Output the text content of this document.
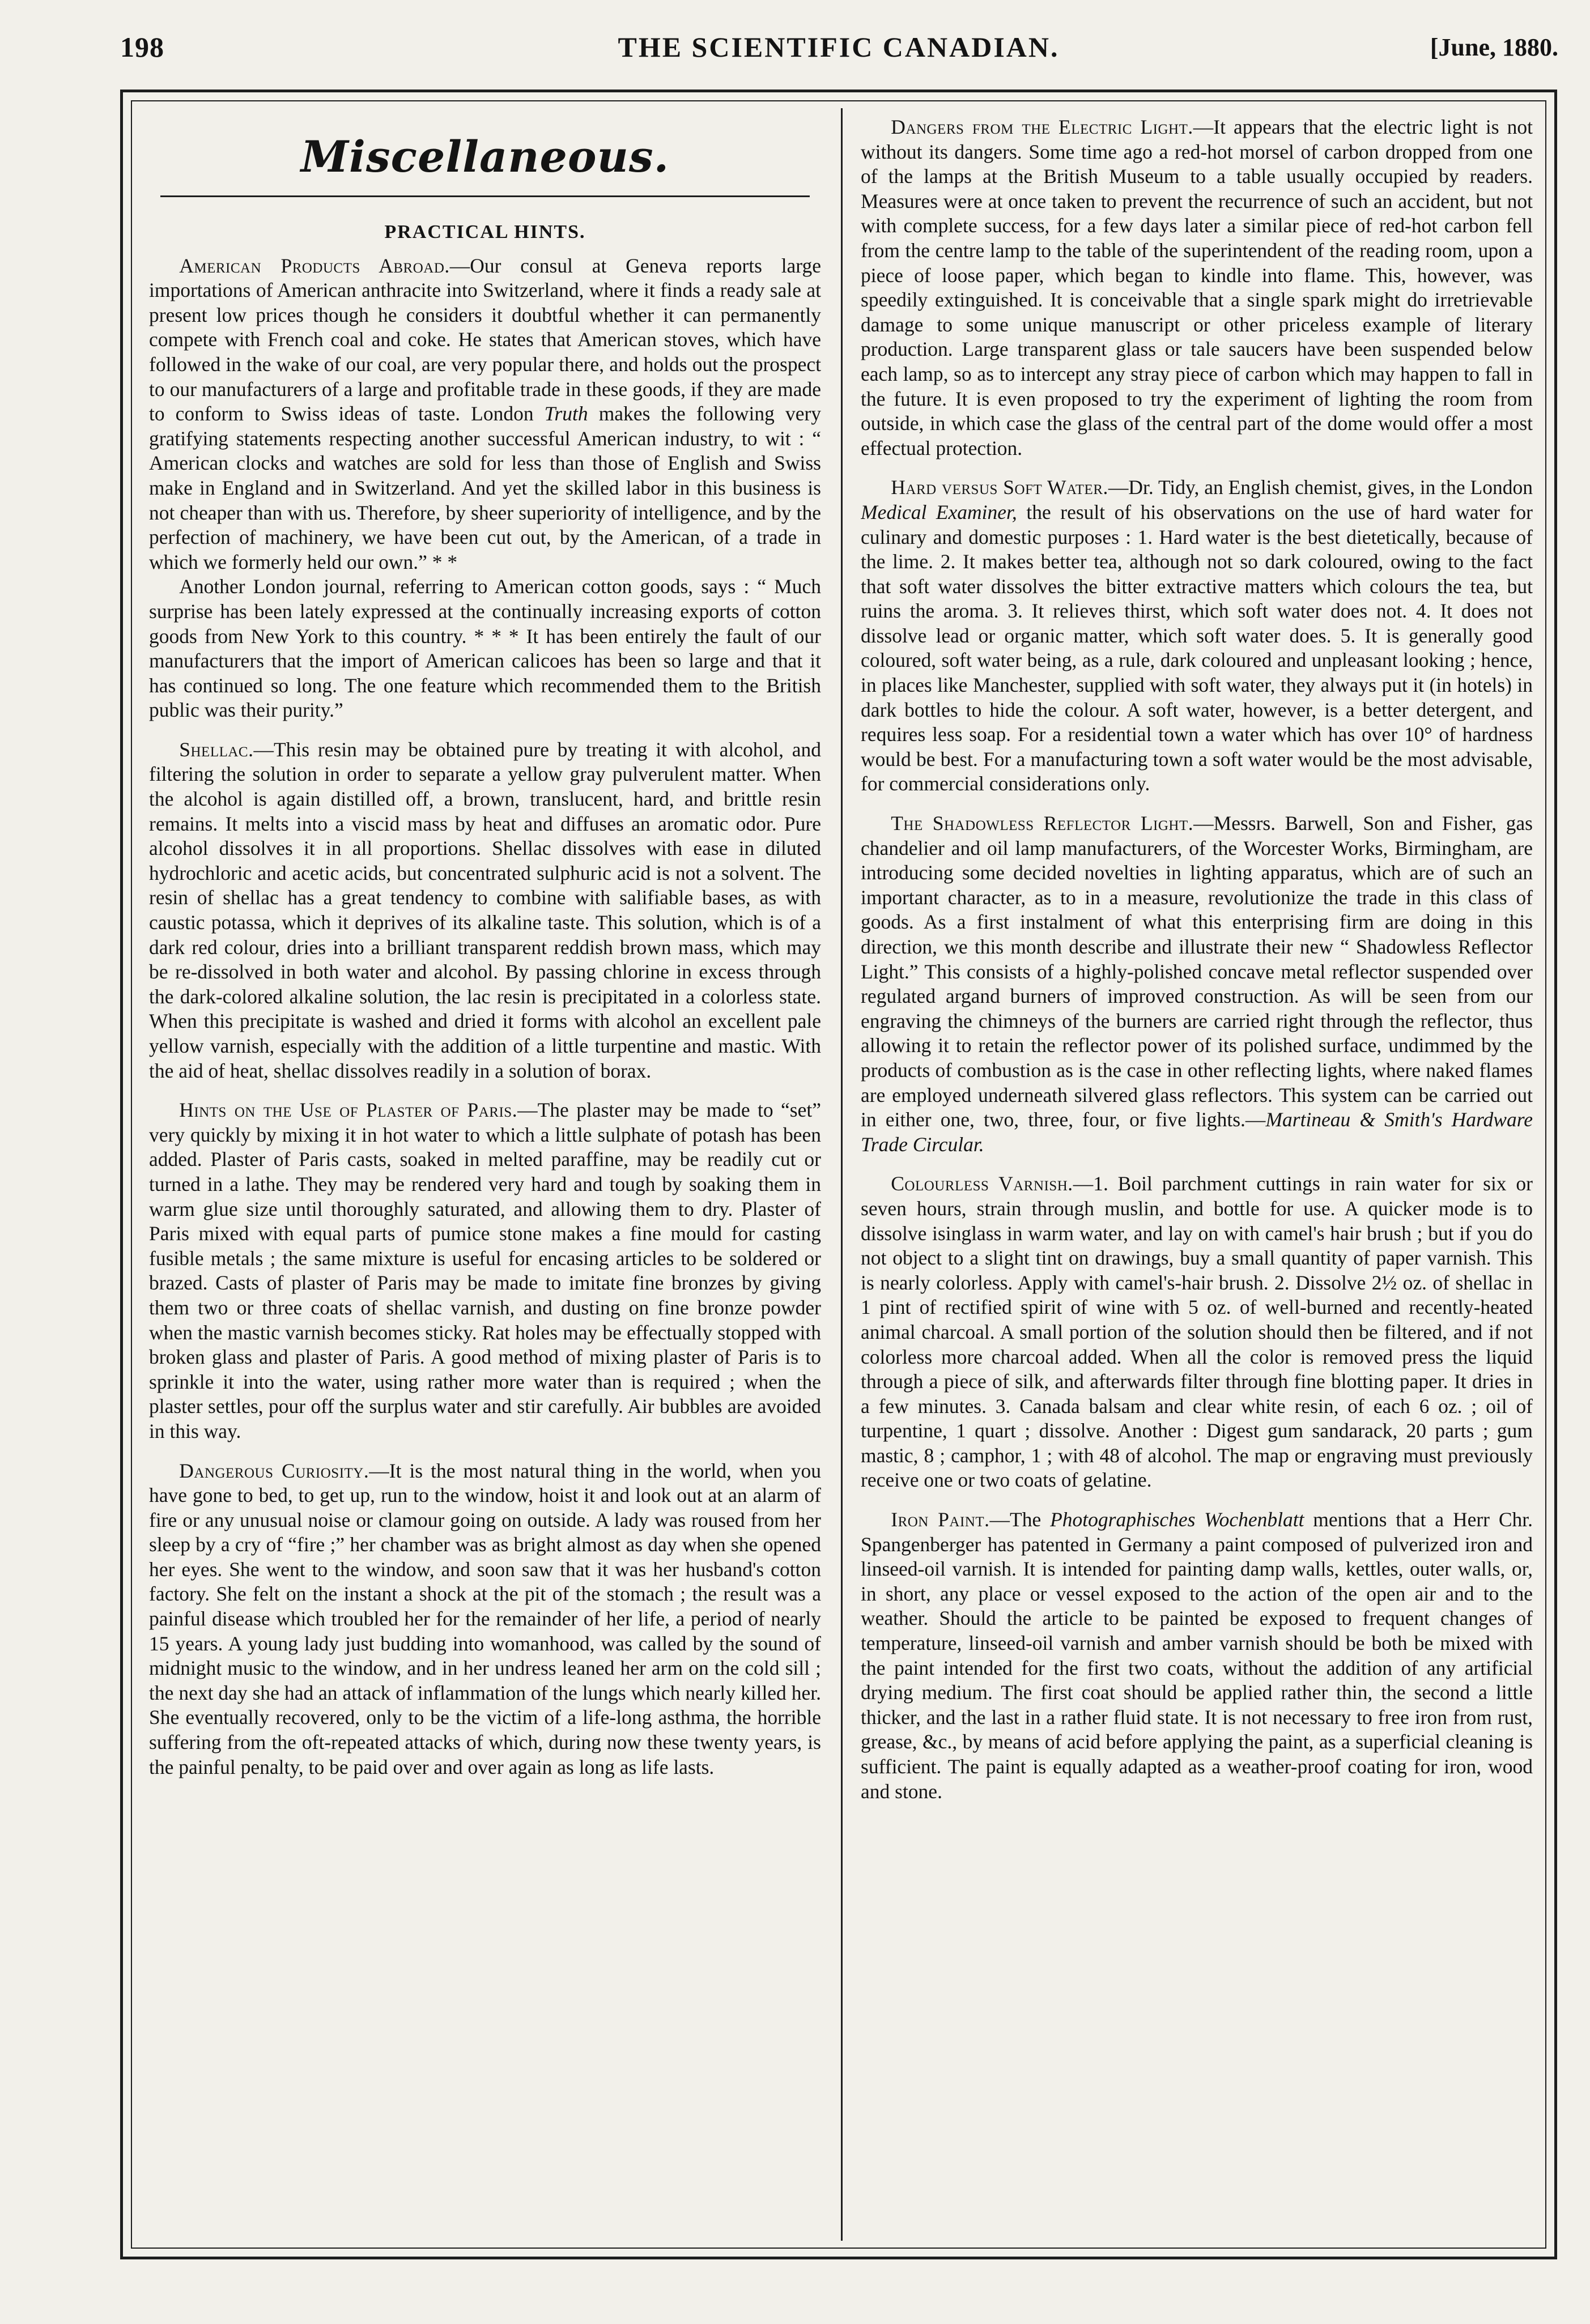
198	THE SCIENTIFIC CANADIAN.	[June, 1880.
Miscellaneous.
PRACTICAL HINTS.

American Products Abroad.—Our consul at Geneva reports large importations of American anthracite into Switzerland, where it finds a ready sale at present low prices though he considers it doubtful whether it can permanently compete with French coal and coke. He states that American stoves, which have followed in the wake of our coal, are very popular there, and holds out the prospect to our manufacturers of a large and profitable trade in these goods, if they are made to conform to Swiss ideas of taste. London Truth makes the following very gratifying statements respecting another successful American industry, to wit : “ American clocks and watches are sold for less than those of English and Swiss make in England and in Switzerland. And yet the skilled labor in this business is not cheaper than with us. Therefore, by sheer superiority of intelligence, and by the perfection of machinery, we have been cut out, by the American, of a trade in which we formerly held our own.” * *

Another London journal, referring to American cotton goods, says : “ Much surprise has been lately expressed at the continually increasing exports of cotton goods from New York to this country. * * * It has been entirely the fault of our manufacturers that the import of American calicoes has been so large and that it has continued so long. The one feature which recommended them to the British public was their purity.”

Shellac.—This resin may be obtained pure by treating it with alcohol, and filtering the solution in order to separate a yellow gray pulverulent matter. When the alcohol is again distilled off, a brown, translucent, hard, and brittle resin remains. It melts into a viscid mass by heat and diffuses an aromatic odor. Pure alcohol dissolves it in all proportions. Shellac dissolves with ease in diluted hydrochloric and acetic acids, but concentrated sulphuric acid is not a solvent. The resin of shellac has a great tendency to combine with salifiable bases, as with caustic potassa, which it deprives of its alkaline taste. This solution, which is of a dark red colour, dries into a brilliant transparent reddish brown mass, which may be re-dissolved in both water and alcohol. By passing chlorine in excess through the dark-colored alkaline solution, the lac resin is precipitated in a colorless state. When this precipitate is washed and dried it forms with alcohol an excellent pale yellow varnish, especially with the addition of a little turpentine and mastic. With the aid of heat, shellac dissolves readily in a solution of borax.

Hints on the Use of Plaster of Paris.—The plaster may be made to “set” very quickly by mixing it in hot water to which a little sulphate of potash has been added. Plaster of Paris casts, soaked in melted paraffine, may be readily cut or turned in a lathe. They may be rendered very hard and tough by soaking them in warm glue size until thoroughly saturated, and allowing them to dry. Plaster of Paris mixed with equal parts of pumice stone makes a fine mould for casting fusible metals ; the same mixture is useful for encasing articles to be soldered or brazed. Casts of plaster of Paris may be made to imitate fine bronzes by giving them two or three coats of shellac varnish, and dusting on fine bronze powder when the mastic varnish becomes sticky. Rat holes may be effectually stopped with broken glass and plaster of Paris. A good method of mixing plaster of Paris is to sprinkle it into the water, using rather more water than is required ; when the plaster settles, pour off the surplus water and stir carefully. Air bubbles are avoided in this way.

Dangerous Curiosity.—It is the most natural thing in the world, when you have gone to bed, to get up, run to the window, hoist it and look out at an alarm of fire or any unusual noise or clamour going on outside. A lady was roused from her sleep by a cry of “fire ;” her chamber was as bright almost as day when she opened her eyes. She went to the window, and soon saw that it was her husband's cotton factory. She felt on the instant a shock at the pit of the stomach ; the result was a painful disease which troubled her for the remainder of her life, a period of nearly 15 years. A young lady just budding into womanhood, was called by the sound of midnight music to the window, and in her undress leaned her arm on the cold sill ; the next day she had an attack of inflammation of the lungs which nearly killed her. She eventually recovered, only to be the victim of a life-long asthma, the horrible suffering from the oft-repeated attacks of which, during now these twenty years, is the painful penalty, to be paid over and over again as long as life lasts.

Dangers from the Electric Light.—It appears that the electric light is not without its dangers. Some time ago a red-hot morsel of carbon dropped from one of the lamps at the British Museum to a table usually occupied by readers. Measures were at once taken to prevent the recurrence of such an accident, but not with complete success, for a few days later a similar piece of red-hot carbon fell from the centre lamp to the table of the superintendent of the reading room, upon a piece of loose paper, which began to kindle into flame. This, however, was speedily extinguished. It is conceivable that a single spark might do irretrievable damage to some unique manuscript or other priceless example of literary production. Large transparent glass or tale saucers have been suspended below each lamp, so as to intercept any stray piece of carbon which may happen to fall in the future. It is even proposed to try the experiment of lighting the room from outside, in which case the glass of the central part of the dome would offer a most effectual protection.

Hard versus Soft Water.—Dr. Tidy, an English chemist, gives, in the London Medical Examiner, the result of his observations on the use of hard water for culinary and domestic purposes : 1. Hard water is the best dietetically, because of the lime. 2. It makes better tea, although not so dark coloured, owing to the fact that soft water dissolves the bitter extractive matters which colours the tea, but ruins the aroma. 3. It relieves thirst, which soft water does not. 4. It does not dissolve lead or organic matter, which soft water does. 5. It is generally good coloured, soft water being, as a rule, dark coloured and unpleasant looking ; hence, in places like Manchester, supplied with soft water, they always put it (in hotels) in dark bottles to hide the colour. A soft water, however, is a better detergent, and requires less soap. For a residential town a water which has over 10° of hardness would be best. For a manufacturing town a soft water would be the most advisable, for commercial considerations only.

The Shadowless Reflector Light.—Messrs. Barwell, Son and Fisher, gas chandelier and oil lamp manufacturers, of the Worcester Works, Birmingham, are introducing some decided novelties in lighting apparatus, which are of such an important character, as to in a measure, revolutionize the trade in this class of goods. As a first instalment of what this enterprising firm are doing in this direction, we this month describe and illustrate their new “ Shadowless Reflector Light.” This consists of a highly-polished concave metal reflector suspended over regulated argand burners of improved construction. As will be seen from our engraving the chimneys of the burners are carried right through the reflector, thus allowing it to retain the reflector power of its polished surface, undimmed by the products of combustion as is the case in other reflecting lights, where naked flames are employed underneath silvered glass reflectors. This system can be carried out in either one, two, three, four, or five lights.—Martineau & Smith's Hardware Trade Circular.

Colourless Varnish.—1. Boil parchment cuttings in rain water for six or seven hours, strain through muslin, and bottle for use. A quicker mode is to dissolve isinglass in warm water, and lay on with camel's hair brush ; but if you do not object to a slight tint on drawings, buy a small quantity of paper varnish. This is nearly colorless. Apply with camel's-hair brush. 2. Dissolve 2½ oz. of shellac in 1 pint of rectified spirit of wine with 5 oz. of well-burned and recently-heated animal charcoal. A small portion of the solution should then be filtered, and if not colorless more charcoal added. When all the color is removed press the liquid through a piece of silk, and afterwards filter through fine blotting paper. It dries in a few minutes. 3. Canada balsam and clear white resin, of each 6 oz. ; oil of turpentine, 1 quart ; dissolve. Another : Digest gum sandarack, 20 parts ; gum mastic, 8 ; camphor, 1 ; with 48 of alcohol. The map or engraving must previously receive one or two coats of gelatine.

Iron Paint.—The Photographisches Wochenblatt mentions that a Herr Chr. Spangenberger has patented in Germany a paint composed of pulverized iron and linseed-oil varnish. It is intended for painting damp walls, kettles, outer walls, or, in short, any place or vessel exposed to the action of the open air and to the weather. Should the article to be painted be exposed to frequent changes of temperature, linseed-oil varnish and amber varnish should be both be mixed with the paint intended for the first two coats, without the addition of any artificial drying medium. The first coat should be applied rather thin, the second a little thicker, and the last in a rather fluid state. It is not necessary to free iron from rust, grease, &c., by means of acid before applying the paint, as a superficial cleaning is sufficient. The paint is equally adapted as a weather-proof coating for iron, wood and stone.
